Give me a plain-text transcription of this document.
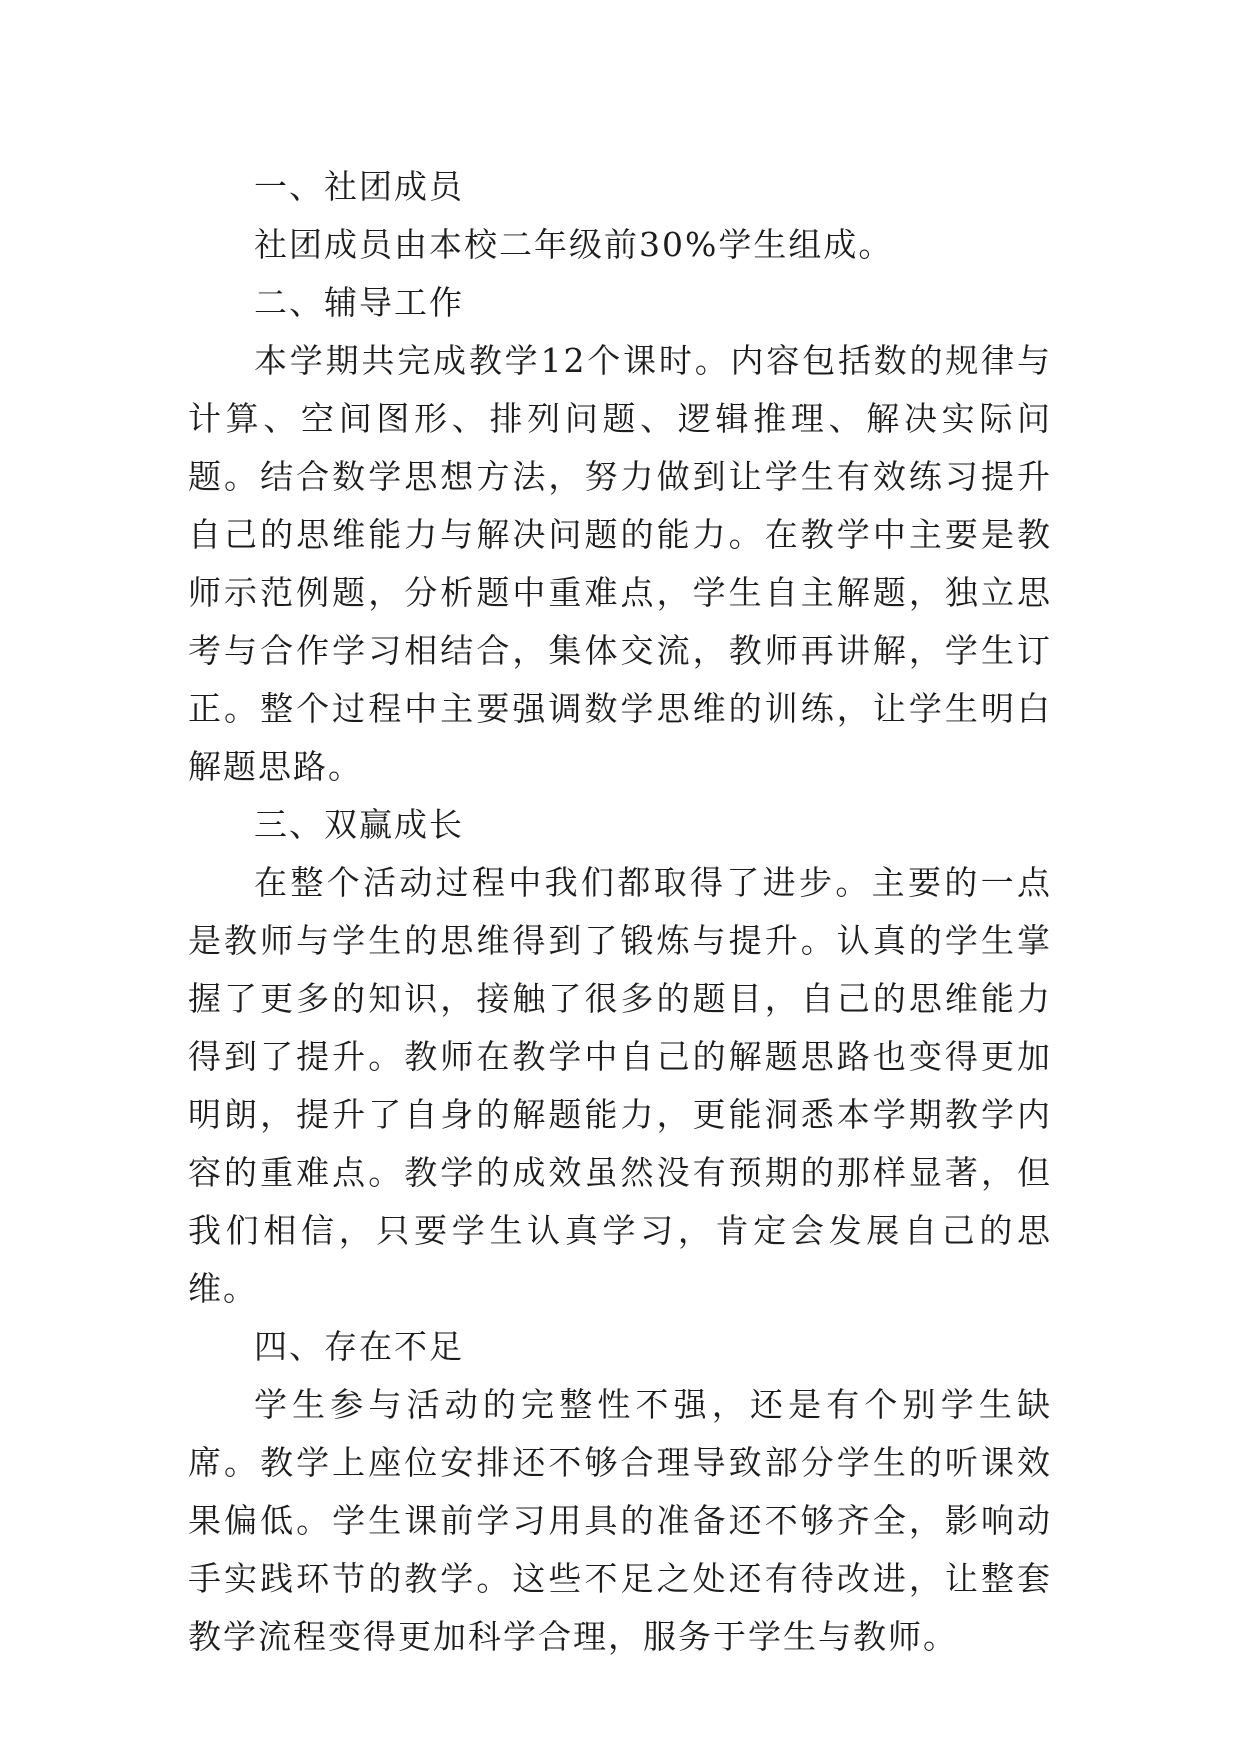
一、社团成员

社团成员由本校二年级前30%学生组成。

二、辅导工作

本学期共完成教学12个课时。内容包括数的规律与计算、空间图形、排列问题、逻辑推理、解决实际问题。结合数学思想方法，努力做到让学生有效练习提升自己的思维能力与解决问题的能力。在教学中主要是教师示范例题，分析题中重难点，学生自主解题，独立思考与合作学习相结合，集体交流，教师再讲解，学生订正。整个过程中主要强调数学思维的训练，让学生明白解题思路。

三、双赢成长

在整个活动过程中我们都取得了进步。主要的一点是教师与学生的思维得到了锻炼与提升。认真的学生掌握了更多的知识，接触了很多的题目，自己的思维能力得到了提升。教师在教学中自己的解题思路也变得更加明朗，提升了自身的解题能力，更能洞悉本学期教学内容的重难点。教学的成效虽然没有预期的那样显著，但我们相信，只要学生认真学习，肯定会发展自己的思维。

四、存在不足

学生参与活动的完整性不强，还是有个别学生缺席。教学上座位安排还不够合理导致部分学生的听课效果偏低。学生课前学习用具的准备还不够齐全，影响动手实践环节的教学。这些不足之处还有待改进，让整套教学流程变得更加科学合理，服务于学生与教师。
